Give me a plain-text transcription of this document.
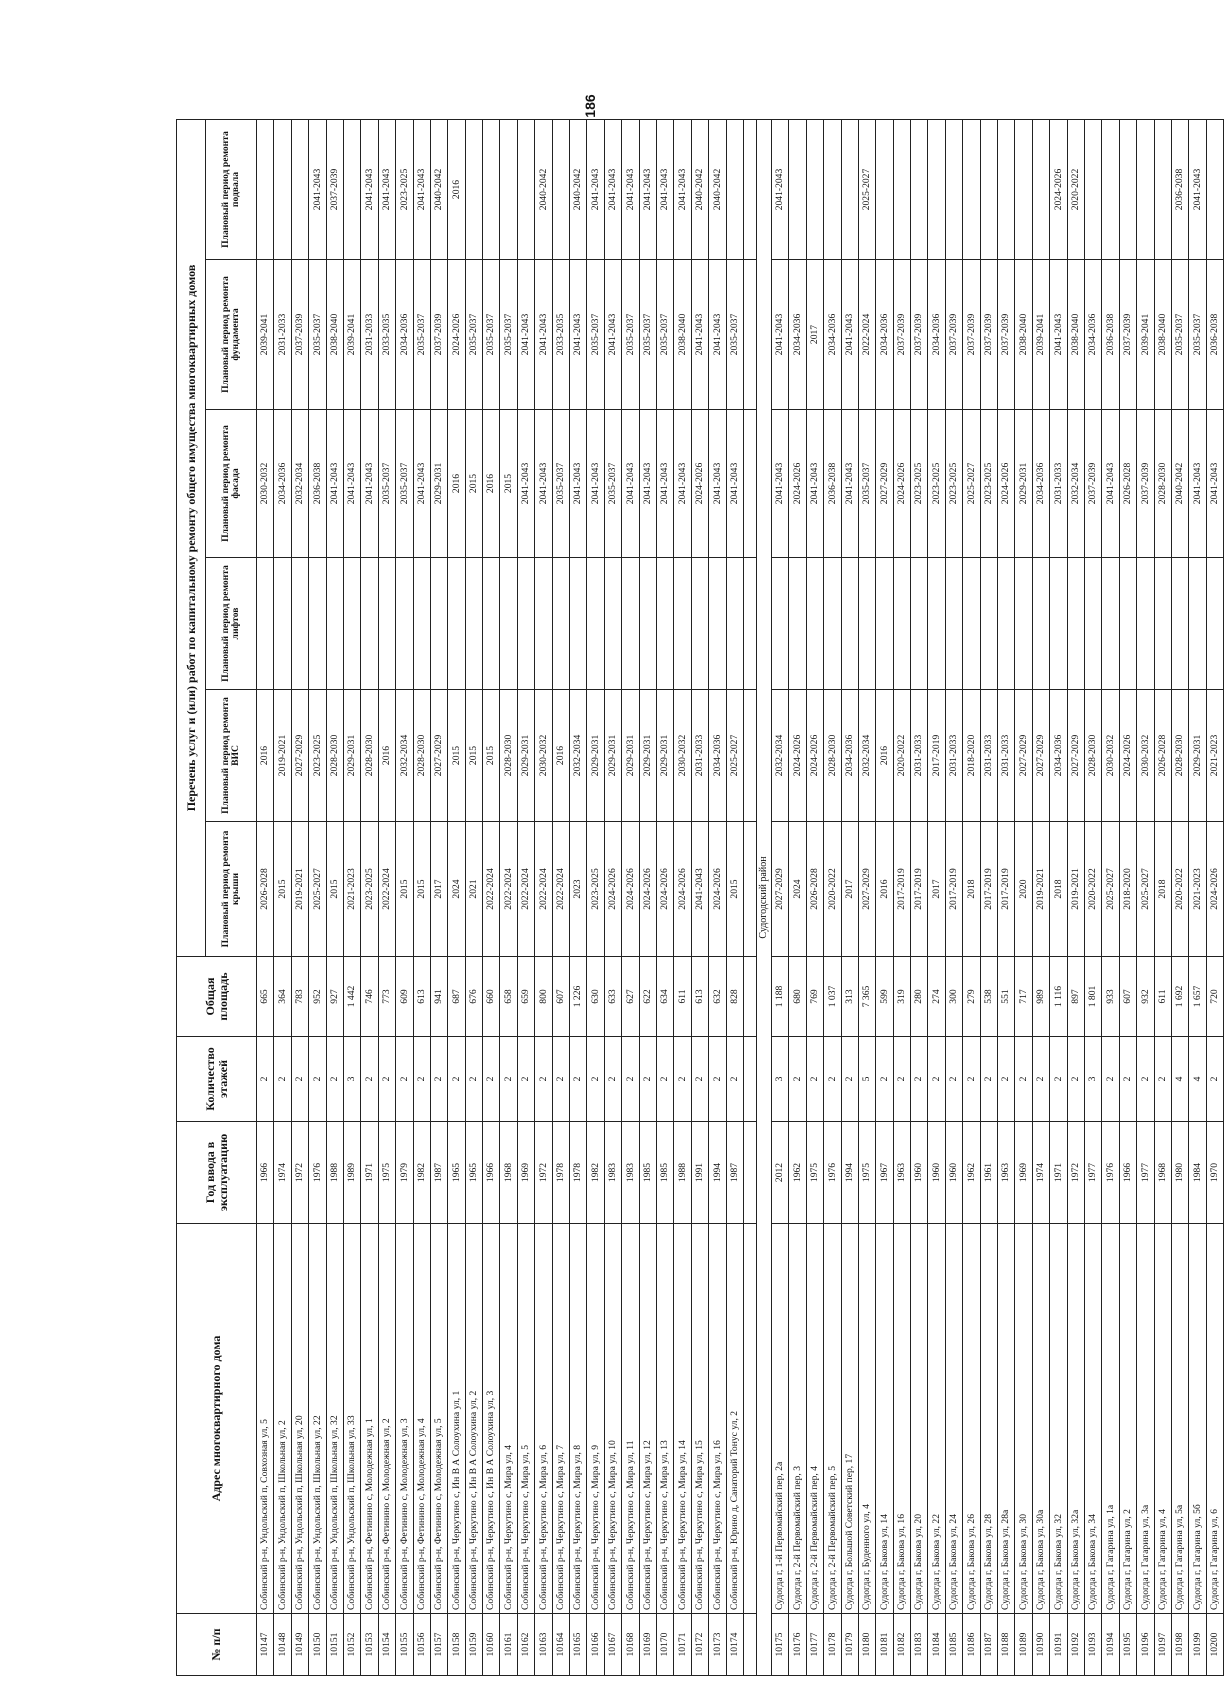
186
№ п/п	Адрес многоквартирного дома	Год ввода в эксплуатацию	Количество этажей	Общая площадь	Перечень услуг и (или) работ по капитальному ремонту общего имущества многоквартирных домов					
					Плановый период ремонта крыши	Плановый период ремонта ВИС	Плановый период ремонта лифтов	Плановый период ремонта фасада	Плановый период ремонта фундамента	Плановый период ремонта подвала
10147	Собинский р-н, Ундольский п, Совхозная ул, 5	1966	2	665	2026-2028	2016		2030-2032	2039-2041	
10148	Собинский р-н, Ундольский п, Школьная ул, 2	1974	2	364	2015	2019-2021		2034-2036	2031-2033	
10149	Собинский р-н, Ундольский п, Школьная ул, 20	1972	2	783	2019-2021	2027-2029		2032-2034	2037-2039	
10150	Собинский р-н, Ундольский п, Школьная ул, 22	1976	2	952	2025-2027	2023-2025		2036-2038	2035-2037	2041-2043
10151	Собинский р-н, Ундольский п, Школьная ул, 32	1988	2	927	2015	2028-2030		2041-2043	2038-2040	2037-2039
10152	Собинский р-н, Ундольский п, Школьная ул, 33	1989	3	1 442	2021-2023	2029-2031		2041-2043	2039-2041	
10153	Собинский р-н, Фетинино с, Молодежная ул, 1	1971	2	746	2023-2025	2028-2030		2041-2043	2031-2033	2041-2043
10154	Собинский р-н, Фетинино с, Молодежная ул, 2	1975	2	773	2022-2024	2016		2035-2037	2033-2035	2041-2043
10155	Собинский р-н, Фетинино с, Молодежная ул, 3	1979	2	609	2015	2032-2034		2035-2037	2034-2036	2023-2025
10156	Собинский р-н, Фетинино с, Молодежная ул, 4	1982	2	613	2015	2028-2030		2041-2043	2035-2037	2041-2043
10157	Собинский р-н, Фетинино с, Молодежная ул, 5	1987	2	941	2017	2027-2029		2029-2031	2037-2039	2040-2042
10158	Собинский р-н, Черкутино с, Ин В А Солоухина ул, 1	1965	2	687	2024	2015		2016	2024-2026	2016
10159	Собинский р-н, Черкутино с, Ин В А Солоухина ул, 2	1965	2	676	2021	2015		2015	2035-2037	
10160	Собинский р-н, Черкутино с, Ин В А Солоухина ул, 3	1966	2	660	2022-2024	2015		2016	2035-2037	
10161	Собинский р-н, Черкутино с, Мира ул, 4	1968	2	658	2022-2024	2028-2030		2015	2035-2037	
10162	Собинский р-н, Черкутино с, Мира ул, 5	1969	2	659	2022-2024	2029-2031		2041-2043	2041-2043	
10163	Собинский р-н, Черкутино с, Мира ул, 6	1972	2	800	2022-2024	2030-2032		2041-2043	2041-2043	2040-2042
10164	Собинский р-н, Черкутино с, Мира ул, 7	1978	2	607	2022-2024	2016		2035-2037	2033-2035	
10165	Собинский р-н, Черкутино с, Мира ул, 8	1978	2	1 226	2023	2032-2034		2041-2043	2041-2043	2040-2042
10166	Собинский р-н, Черкутино с, Мира ул, 9	1982	2	630	2023-2025	2029-2031		2041-2043	2035-2037	2041-2043
10167	Собинский р-н, Черкутино с, Мира ул, 10	1983	2	633	2024-2026	2029-2031		2035-2037	2041-2043	2041-2043
10168	Собинский р-н, Черкутино с, Мира ул, 11	1983	2	627	2024-2026	2029-2031		2041-2043	2035-2037	2041-2043
10169	Собинский р-н, Черкутино с, Мира ул, 12	1985	2	622	2024-2026	2029-2031		2041-2043	2035-2037	2041-2043
10170	Собинский р-н, Черкутино с, Мира ул, 13	1985	2	634	2024-2026	2029-2031		2041-2043	2035-2037	2041-2043
10171	Собинский р-н, Черкутино с, Мира ул, 14	1988	2	611	2024-2026	2030-2032		2041-2043	2038-2040	2041-2043
10172	Собинский р-н, Черкутино с, Мира ул, 15	1991	2	613	2041-2043	2031-2033		2024-2026	2041-2043	2040-2042
10173	Собинский р-н, Черкутино с, Мира ул, 16	1994	2	632	2024-2026	2034-2036		2041-2043	2041-2043	2040-2042
10174	Собинский р-н, Юрино д, Санаторий Тонус ул, 2	1987	2	828	2015	2025-2027		2041-2043	2035-2037	

Судогодский район										
10175	Судогда г, 1-й Первомайский пер, 2а	2012	3	1 188	2027-2029	2032-2034		2041-2043	2041-2043	2041-2043
10176	Судогда г, 2-й Первомайский пер, 3	1962	2	680	2024	2024-2026		2024-2026	2034-2036	
10177	Судогда г, 2-й Первомайский пер, 4	1975	2	769	2026-2028	2024-2026		2041-2043	2017	
10178	Судогда г, 2-й Первомайский пер, 5	1976	2	1 037	2020-2022	2028-2030		2036-2038	2034-2036	
10179	Судогда г, Большой Советский пер, 17	1994	2	313	2017	2034-2036		2041-2043	2041-2043	
10180	Судогда г, Буденного ул, 4	1975	5	7 365	2027-2029	2032-2034		2035-2037	2022-2024	2025-2027
10181	Судогда г, Бакова ул, 14	1967	2	599	2016	2016		2027-2029	2034-2036	
10182	Судогда г, Бакова ул, 16	1963	2	319	2017-2019	2020-2022		2024-2026	2037-2039	
10183	Судогда г, Бакова ул, 20	1960	2	280	2017-2019	2031-2033		2023-2025	2037-2039	
10184	Судогда г, Бакова ул, 22	1960	2	274	2017	2017-2019		2023-2025	2034-2036	
10185	Судогда г, Бакова ул, 24	1960	2	300	2017-2019	2031-2033		2023-2025	2037-2039	
10186	Судогда г, Бакова ул, 26	1962	2	279	2018	2018-2020		2025-2027	2037-2039	
10187	Судогда г, Бакова ул, 28	1961	2	538	2017-2019	2031-2033		2023-2025	2037-2039	
10188	Судогда г, Бакова ул, 28а	1963	2	551	2017-2019	2031-2033		2024-2026	2037-2039	
10189	Судогда г, Бакова ул, 30	1969	2	717	2020	2027-2029		2029-2031	2038-2040	
10190	Судогда г, Бакова ул, 30а	1974	2	989	2019-2021	2027-2029		2034-2036	2039-2041	
10191	Судогда г, Бакова ул, 32	1971	2	1 116	2018	2034-2036		2031-2033	2041-2043	2024-2026
10192	Судогда г, Бакова ул, 32а	1972	2	897	2019-2021	2027-2029		2032-2034	2038-2040	2020-2022
10193	Судогда г, Бакова ул, 34	1977	3	1 801	2020-2022	2028-2030		2037-2039	2034-2036	
10194	Судогда г, Гагарина ул, 1а	1976	2	933	2025-2027	2030-2032		2041-2043	2036-2038	
10195	Судогда г, Гагарина ул, 2	1966	2	607	2018-2020	2024-2026		2026-2028	2037-2039	
10196	Судогда г, Гагарина ул, 3а	1977	2	932	2025-2027	2030-2032		2037-2039	2039-2041	
10197	Судогда г, Гагарина ул, 4	1968	2	611	2018	2026-2028		2028-2030	2038-2040	
10198	Судогда г, Гагарина ул, 5а	1980	4	1 692	2020-2022	2028-2030		2040-2042	2035-2037	2036-2038
10199	Судогда г, Гагарина ул, 5б	1984	4	1 657	2021-2023	2029-2031		2041-2043	2035-2037	2041-2043
10200	Судогда г, Гагарина ул, 6	1970	2	720	2024-2026	2021-2023		2041-2043	2036-2038	
